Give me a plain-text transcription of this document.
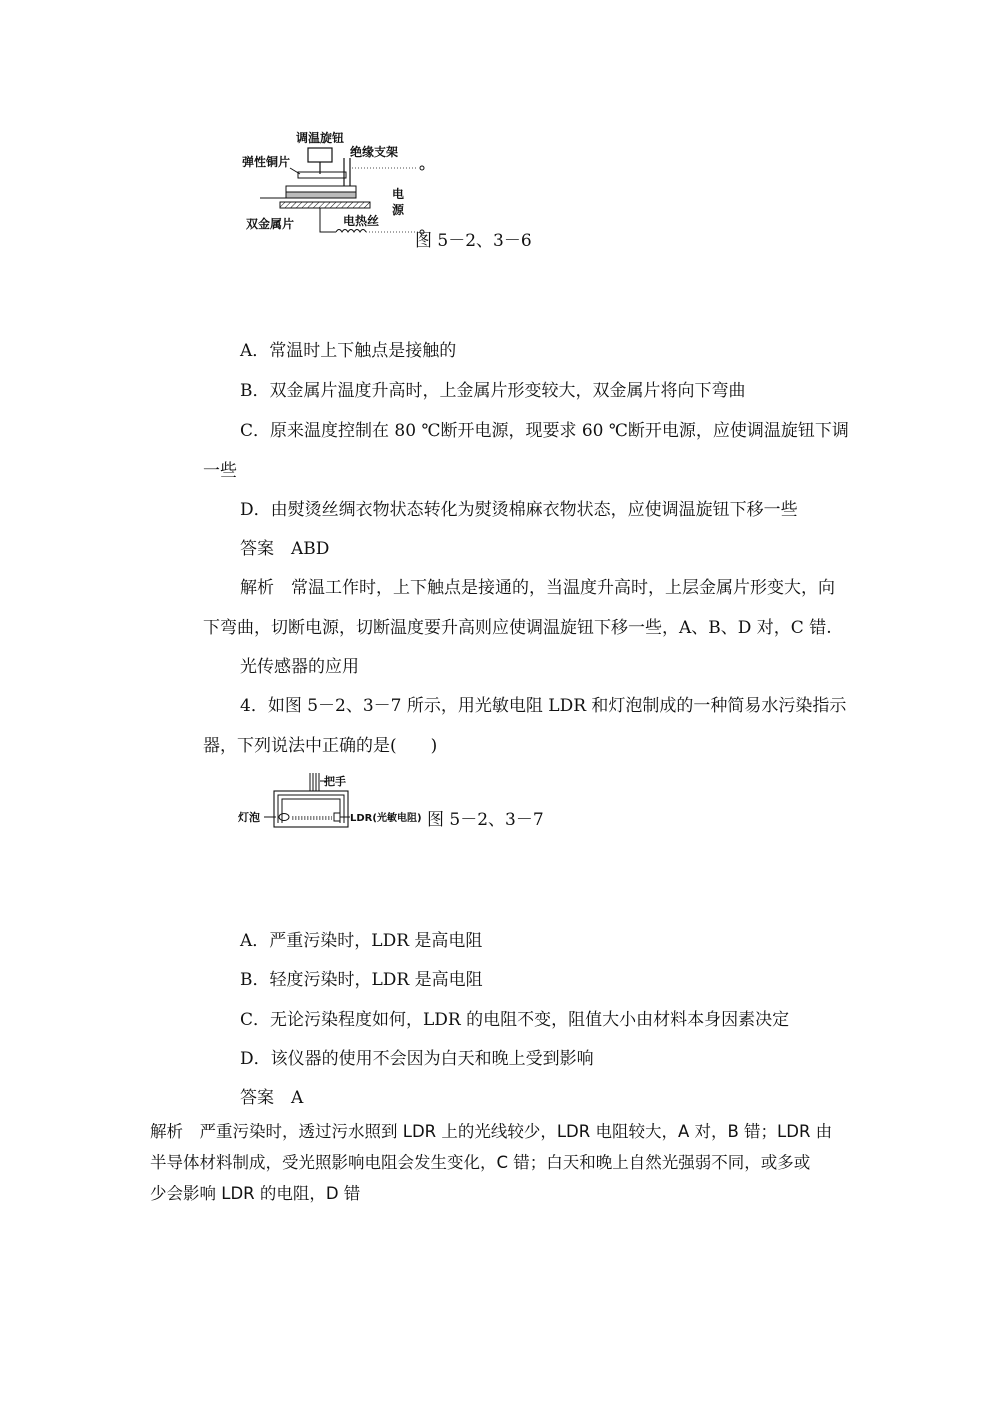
调温旋钮
弹性铜片
绝缘支架
双金属片	电热丝
电
源
图 5－2、3－6
A．常温时上下触点是接触的
B．双金属片温度升高时，上金属片形变较大，双金属片将向下弯曲
C．原来温度控制在 80 ℃断开电源，现要求 60 ℃断开电源，应使调温旋钮下调
一些
D．由熨烫丝绸衣物状态转化为熨烫棉麻衣物状态，应使调温旋钮下移一些
答案　ABD
解析　常温工作时，上下触点是接通的，当温度升高时，上层金属片形变大，向
下弯曲，切断电源，切断温度要升高则应使调温旋钮下移一些，A、B、D 对，C 错.
光传感器的应用
4．如图 5－2、3－7 所示，用光敏电阻 LDR 和灯泡制成的一种简易水污染指示
器，下列说法中正确的是(　　)
把手
灯泡	LDR(光敏电阻) 图 5－2、3－7
A．严重污染时，LDR 是高电阻
B．轻度污染时，LDR 是高电阻
C．无论污染程度如何，LDR 的电阻不变，阻值大小由材料本身因素决定
D．该仪器的使用不会因为白天和晚上受到影响
答案　A
解析　严重污染时，透过污水照到 LDR 上的光线较少，LDR 电阻较大，A 对，B 错；LDR 由
半导体材料制成，受光照影响电阻会发生变化，C 错；白天和晚上自然光强弱不同，或多或
少会影响 LDR 的电阻，D 错
